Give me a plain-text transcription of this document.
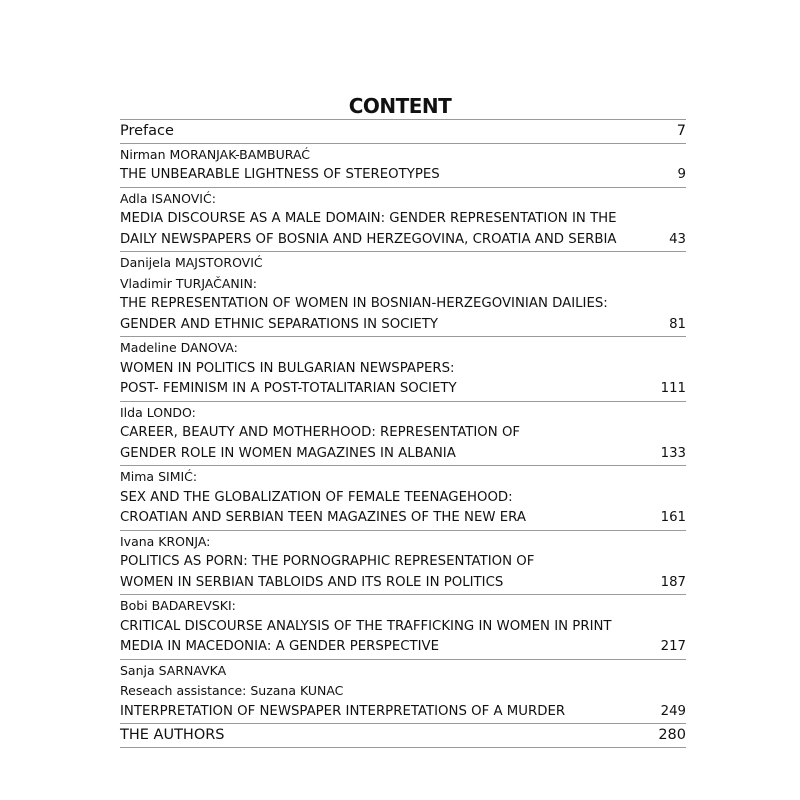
CONTENT
Preface	7
Nirman MORANJAK-BAMBURAĆ
THE UNBEARABLE LIGHTNESS OF STEREOTYPES	9
Adla ISANOVIĆ:
MEDIA DISCOURSE AS A MALE DOMAIN: GENDER REPRESENTATION IN THE
DAILY NEWSPAPERS OF BOSNIA AND HERZEGOVINA, CROATIA AND SERBIA	43
Danijela MAJSTOROVIĆ
Vladimir TURJAČANIN:
THE REPRESENTATION OF WOMEN IN BOSNIAN-HERZEGOVINIAN DAILIES:
GENDER AND ETHNIC SEPARATIONS IN SOCIETY	81
Madeline DANOVA:
WOMEN IN POLITICS IN BULGARIAN NEWSPAPERS:
POST- FEMINISM IN A POST-TOTALITARIAN SOCIETY	111
Ilda LONDO:
CAREER, BEAUTY AND MOTHERHOOD: REPRESENTATION OF
GENDER ROLE IN WOMEN MAGAZINES IN ALBANIA	133
Mima SIMIĆ:
SEX AND THE GLOBALIZATION OF FEMALE TEENAGEHOOD:
CROATIAN AND SERBIAN TEEN MAGAZINES OF THE NEW ERA	161
Ivana KRONJA:
POLITICS AS PORN: THE PORNOGRAPHIC REPRESENTATION OF
WOMEN IN SERBIAN TABLOIDS AND ITS ROLE IN POLITICS	187
Bobi BADAREVSKI:
CRITICAL DISCOURSE ANALYSIS OF THE TRAFFICKING IN WOMEN IN PRINT
MEDIA IN MACEDONIA: A GENDER PERSPECTIVE	217
Sanja SARNAVKA
Reseach assistance: Suzana KUNAC
INTERPRETATION OF NEWSPAPER INTERPRETATIONS OF A MURDER	249
THE AUTHORS	280
